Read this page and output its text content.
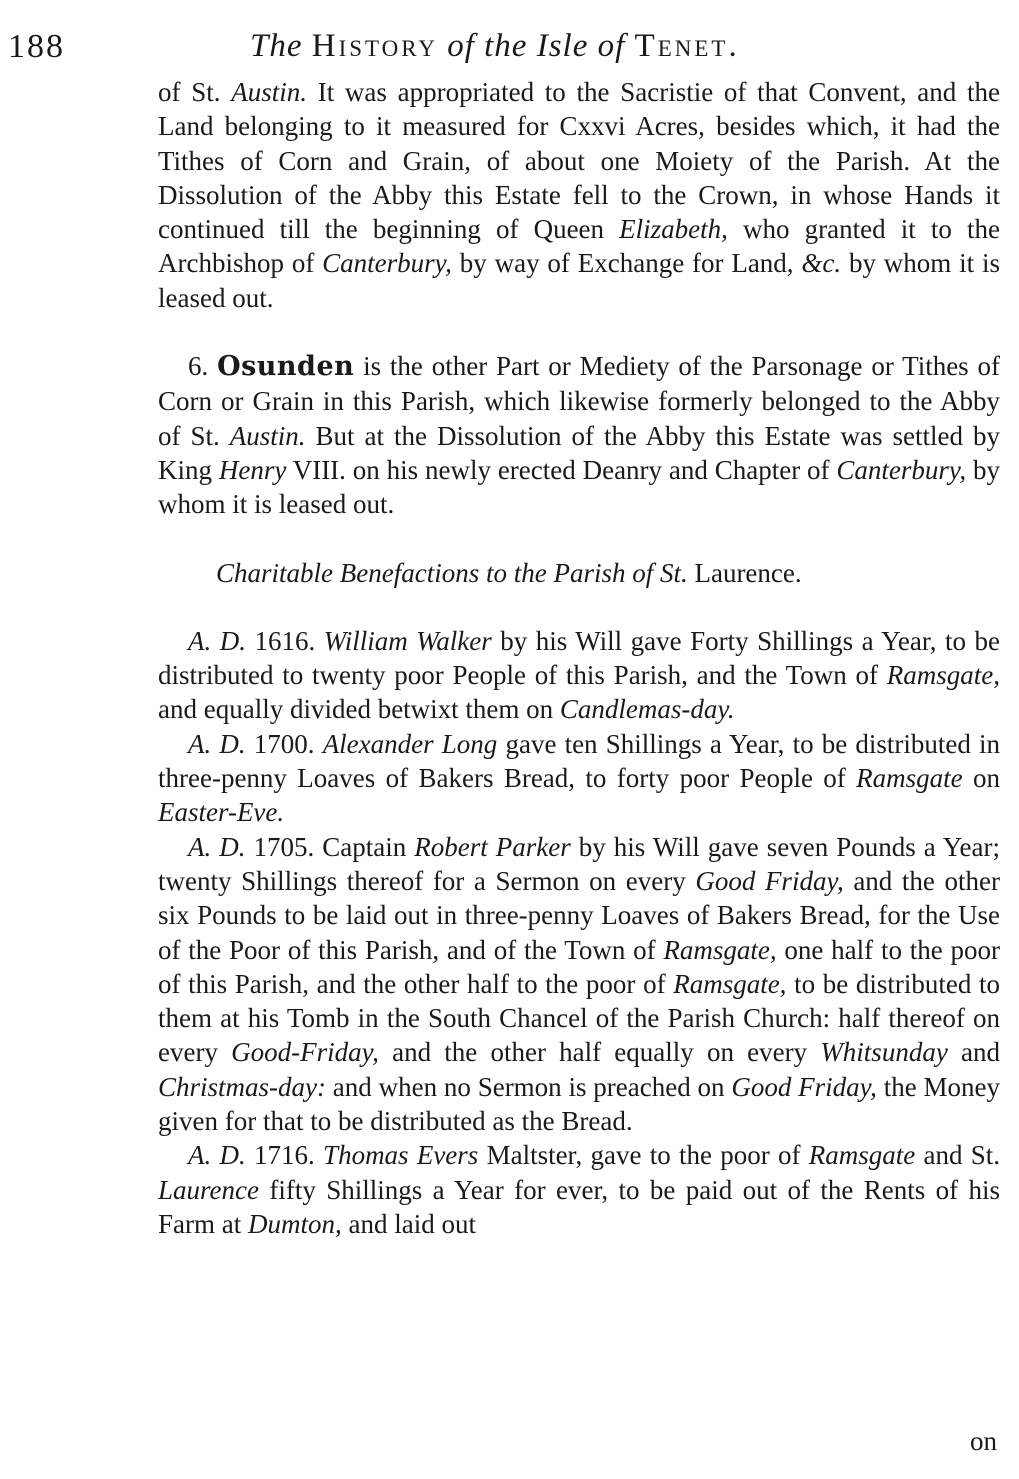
188	The History of the Isle of Tenet.

of St. Austin. It was appropriated to the Sacristie of that Convent, and the Land belonging to it measured for Cxxvi Acres, besides which, it had the Tithes of Corn and Grain, of about one Moiety of the Parish. At the Dissolution of the Abby this Estate fell to the Crown, in whose Hands it continued till the beginning of Queen Elizabeth, who granted it to the Archbishop of Canterbury, by way of Exchange for Land, &c. by whom it is leased out.

6. Osunden is the other Part or Mediety of the Parsonage or Tithes of Corn or Grain in this Parish, which likewise formerly belonged to the Abby of St. Austin. But at the Dissolution of the Abby this Estate was settled by King Henry VIII. on his newly erected Deanry and Chapter of Canterbury, by whom it is leased out.

Charitable Benefactions to the Parish of St. Laurence.

A. D. 1616. William Walker by his Will gave Forty Shillings a Year, to be distributed to twenty poor People of this Parish, and the Town of Ramsgate, and equally divided betwixt them on Candlemas-day.

A. D. 1700. Alexander Long gave ten Shillings a Year, to be distributed in three-penny Loaves of Bakers Bread, to forty poor People of Ramsgate on Easter-Eve.

A. D. 1705. Captain Robert Parker by his Will gave seven Pounds a Year; twenty Shillings thereof for a Sermon on every Good Friday, and the other six Pounds to be laid out in three-penny Loaves of Bakers Bread, for the Use of the Poor of this Parish, and of the Town of Ramsgate, one half to the poor of this Parish, and the other half to the poor of Ramsgate, to be distributed to them at his Tomb in the South Chancel of the Parish Church: half thereof on every Good-Friday, and the other half equally on every Whitsunday and Christmas-day: and when no Sermon is preached on Good Friday, the Money given for that to be distributed as the Bread.

A. D. 1716. Thomas Evers Maltster, gave to the poor of Ramsgate and St. Laurence fifty Shillings a Year for ever, to be paid out of the Rents of his Farm at Dumton, and laid out

on
